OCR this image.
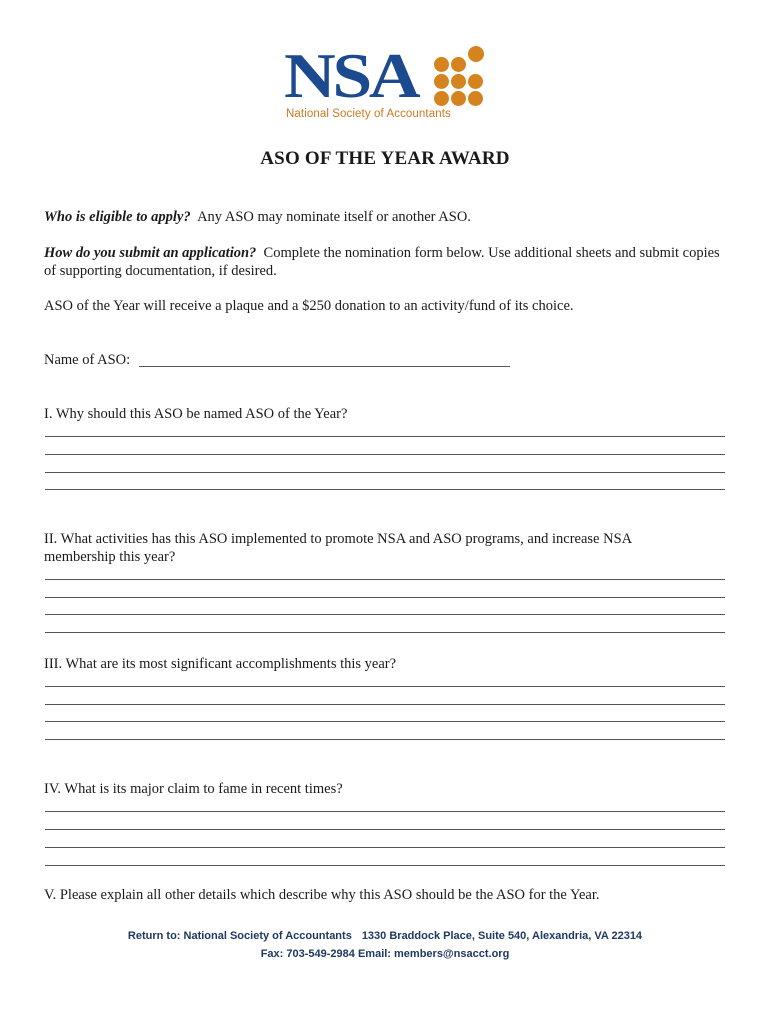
NSA
National Society of Accountants
ASO OF THE YEAR AWARD
Who is eligible to apply? Any ASO may nominate itself or another ASO.
How do you submit an application? Complete the nomination form below. Use additional sheets and submit copies of supporting documentation, if desired.
ASO of the Year will receive a plaque and a $250 donation to an activity/fund of its choice.
Name of ASO:
I. Why should this ASO be named ASO of the Year?
II. What activities has this ASO implemented to promote NSA and ASO programs, and increase NSA membership this year?
III. What are its most significant accomplishments this year?
IV. What is its major claim to fame in recent times?
V. Please explain all other details which describe why this ASO should be the ASO for the Year.
Return to: National Society of Accountants 1330 Braddock Place, Suite 540, Alexandria, VA 22314
Fax: 703-549-2984 Email: members@nsacct.org
